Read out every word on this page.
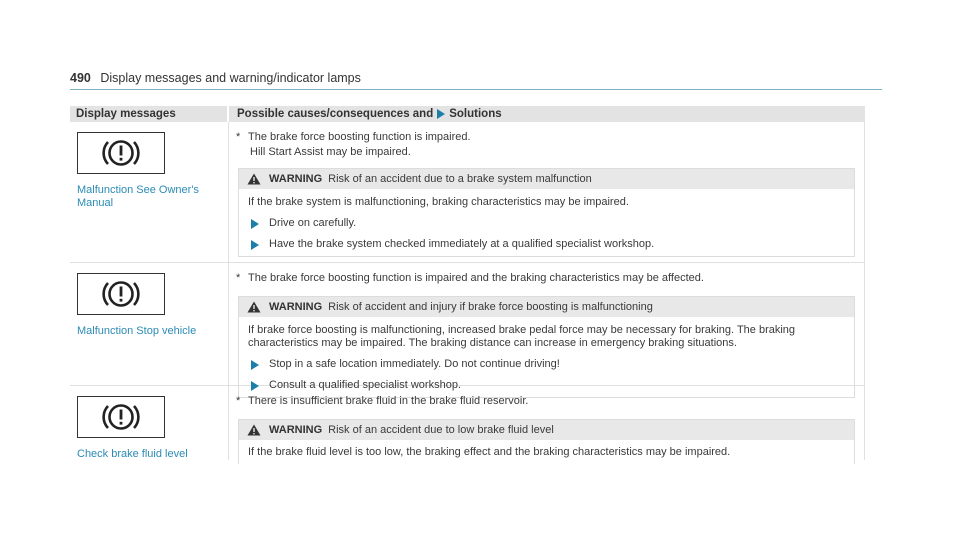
490 Display messages and warning/indicator lamps
Display messages	Possible causes/consequences and Solutions
Malfunction See Owner's Manual
* The brake force boosting function is impaired.
Hill Start Assist may be impaired.
WARNING Risk of an accident due to a brake system malfunction
If the brake system is malfunctioning, braking characteristics may be impaired.
Drive on carefully.
Have the brake system checked immediately at a qualified specialist workshop.
Malfunction Stop vehicle
* The brake force boosting function is impaired and the braking characteristics may be affected.
WARNING Risk of accident and injury if brake force boosting is malfunctioning
If brake force boosting is malfunctioning, increased brake pedal force may be necessary for braking. The braking characteristics may be impaired. The braking distance can increase in emergency braking situations.
Stop in a safe location immediately. Do not continue driving!
Consult a qualified specialist workshop.
Check brake fluid level
* There is insufficient brake fluid in the brake fluid reservoir.
WARNING Risk of an accident due to low brake fluid level
If the brake fluid level is too low, the braking effect and the braking characteristics may be impaired.
